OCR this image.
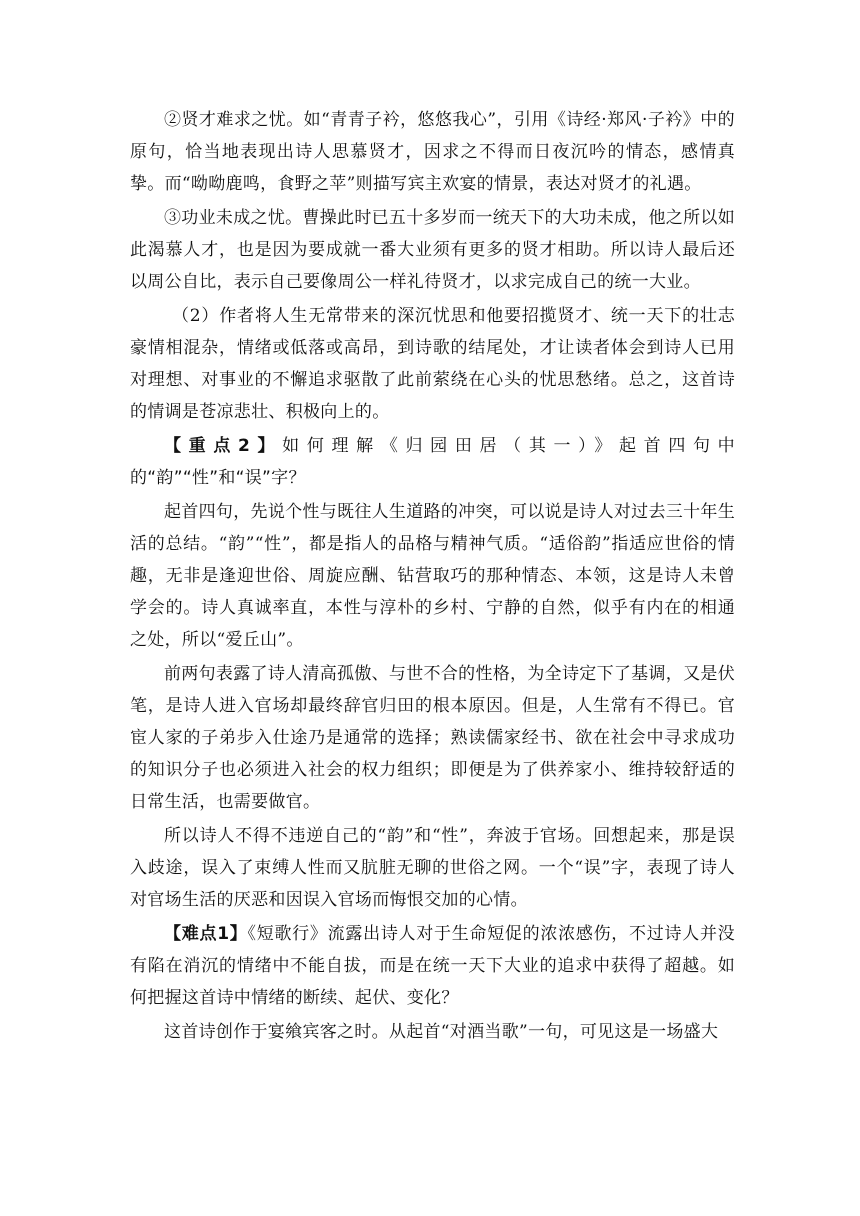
②贤才难求之忧。如“青青子衿，悠悠我心”，引用《诗经·郑风·子衿》中的原句，恰当地表现出诗人思慕贤才，因求之不得而日夜沉吟的情态，感情真挚。而“呦呦鹿鸣，食野之苹”则描写宾主欢宴的情景，表达对贤才的礼遇。

③功业未成之忧。曹操此时已五十多岁而一统天下的大功未成，他之所以如此渴慕人才，也是因为要成就一番大业须有更多的贤才相助。所以诗人最后还以周公自比，表示自己要像周公一样礼待贤才，以求完成自己的统一大业。

（2）作者将人生无常带来的深沉忧思和他要招揽贤才、统一天下的壮志豪情相混杂，情绪或低落或高昂，到诗歌的结尾处，才让读者体会到诗人已用对理想、对事业的不懈追求驱散了此前萦绕在心头的忧思愁绪。总之，这首诗的情调是苍凉悲壮、积极向上的。

【重点2】如何理解《归园田居（其一）》起首四句中的“韵”“性”和“误”字？

起首四句，先说个性与既往人生道路的冲突，可以说是诗人对过去三十年生活的总结。“韵”“性”，都是指人的品格与精神气质。“适俗韵”指适应世俗的情趣，无非是逢迎世俗、周旋应酬、钻营取巧的那种情态、本领，这是诗人未曾学会的。诗人真诚率直，本性与淳朴的乡村、宁静的自然，似乎有内在的相通之处，所以“爱丘山”。

前两句表露了诗人清高孤傲、与世不合的性格，为全诗定下了基调，又是伏笔，是诗人进入官场却最终辞官归田的根本原因。但是，人生常有不得已。官宦人家的子弟步入仕途乃是通常的选择；熟读儒家经书、欲在社会中寻求成功的知识分子也必须进入社会的权力组织；即便是为了供养家小、维持较舒适的日常生活，也需要做官。

所以诗人不得不违逆自己的“韵”和“性”，奔波于官场。回想起来，那是误入歧途，误入了束缚人性而又肮脏无聊的世俗之网。一个“误”字，表现了诗人对官场生活的厌恶和因误入官场而悔恨交加的心情。

【难点1】《短歌行》流露出诗人对于生命短促的浓浓感伤，不过诗人并没有陷在消沉的情绪中不能自拔，而是在统一天下大业的追求中获得了超越。如何把握这首诗中情绪的断续、起伏、变化？

这首诗创作于宴飨宾客之时。从起首“对酒当歌”一句，可见这是一场盛大
